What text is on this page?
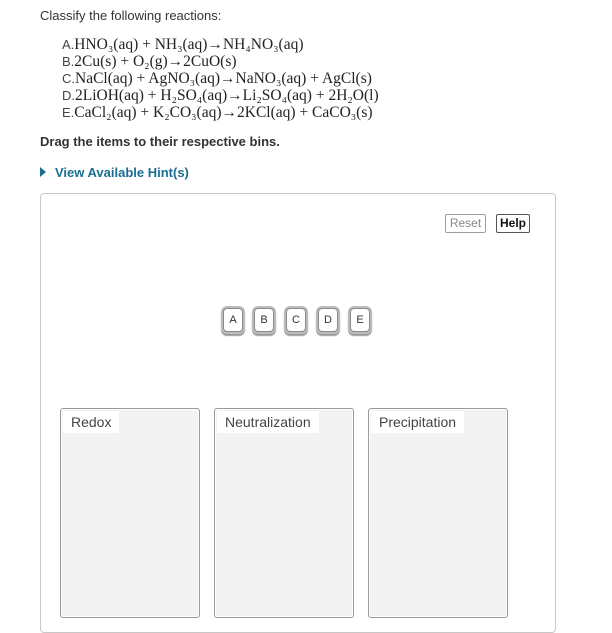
Classify the following reactions:
A.HNO₃(aq) + NH₃(aq)→NH₄NO₃(aq)
B.2Cu(s) + O₂(g)→2CuO(s)
C.NaCl(aq) + AgNO₃(aq)→NaNO₃(aq) + AgCl(s)
D.2LiOH(aq) + H₂SO₄(aq)→Li₂SO₄(aq) + 2H₂O(l)
E.CaCl₂(aq) + K₂CO₃(aq)→2KCl(aq) + CaCO₃(s)
Drag the items to their respective bins.
View Available Hint(s)
Reset	Help
A	B	C	D	E
Redox	Neutralization	Precipitation
